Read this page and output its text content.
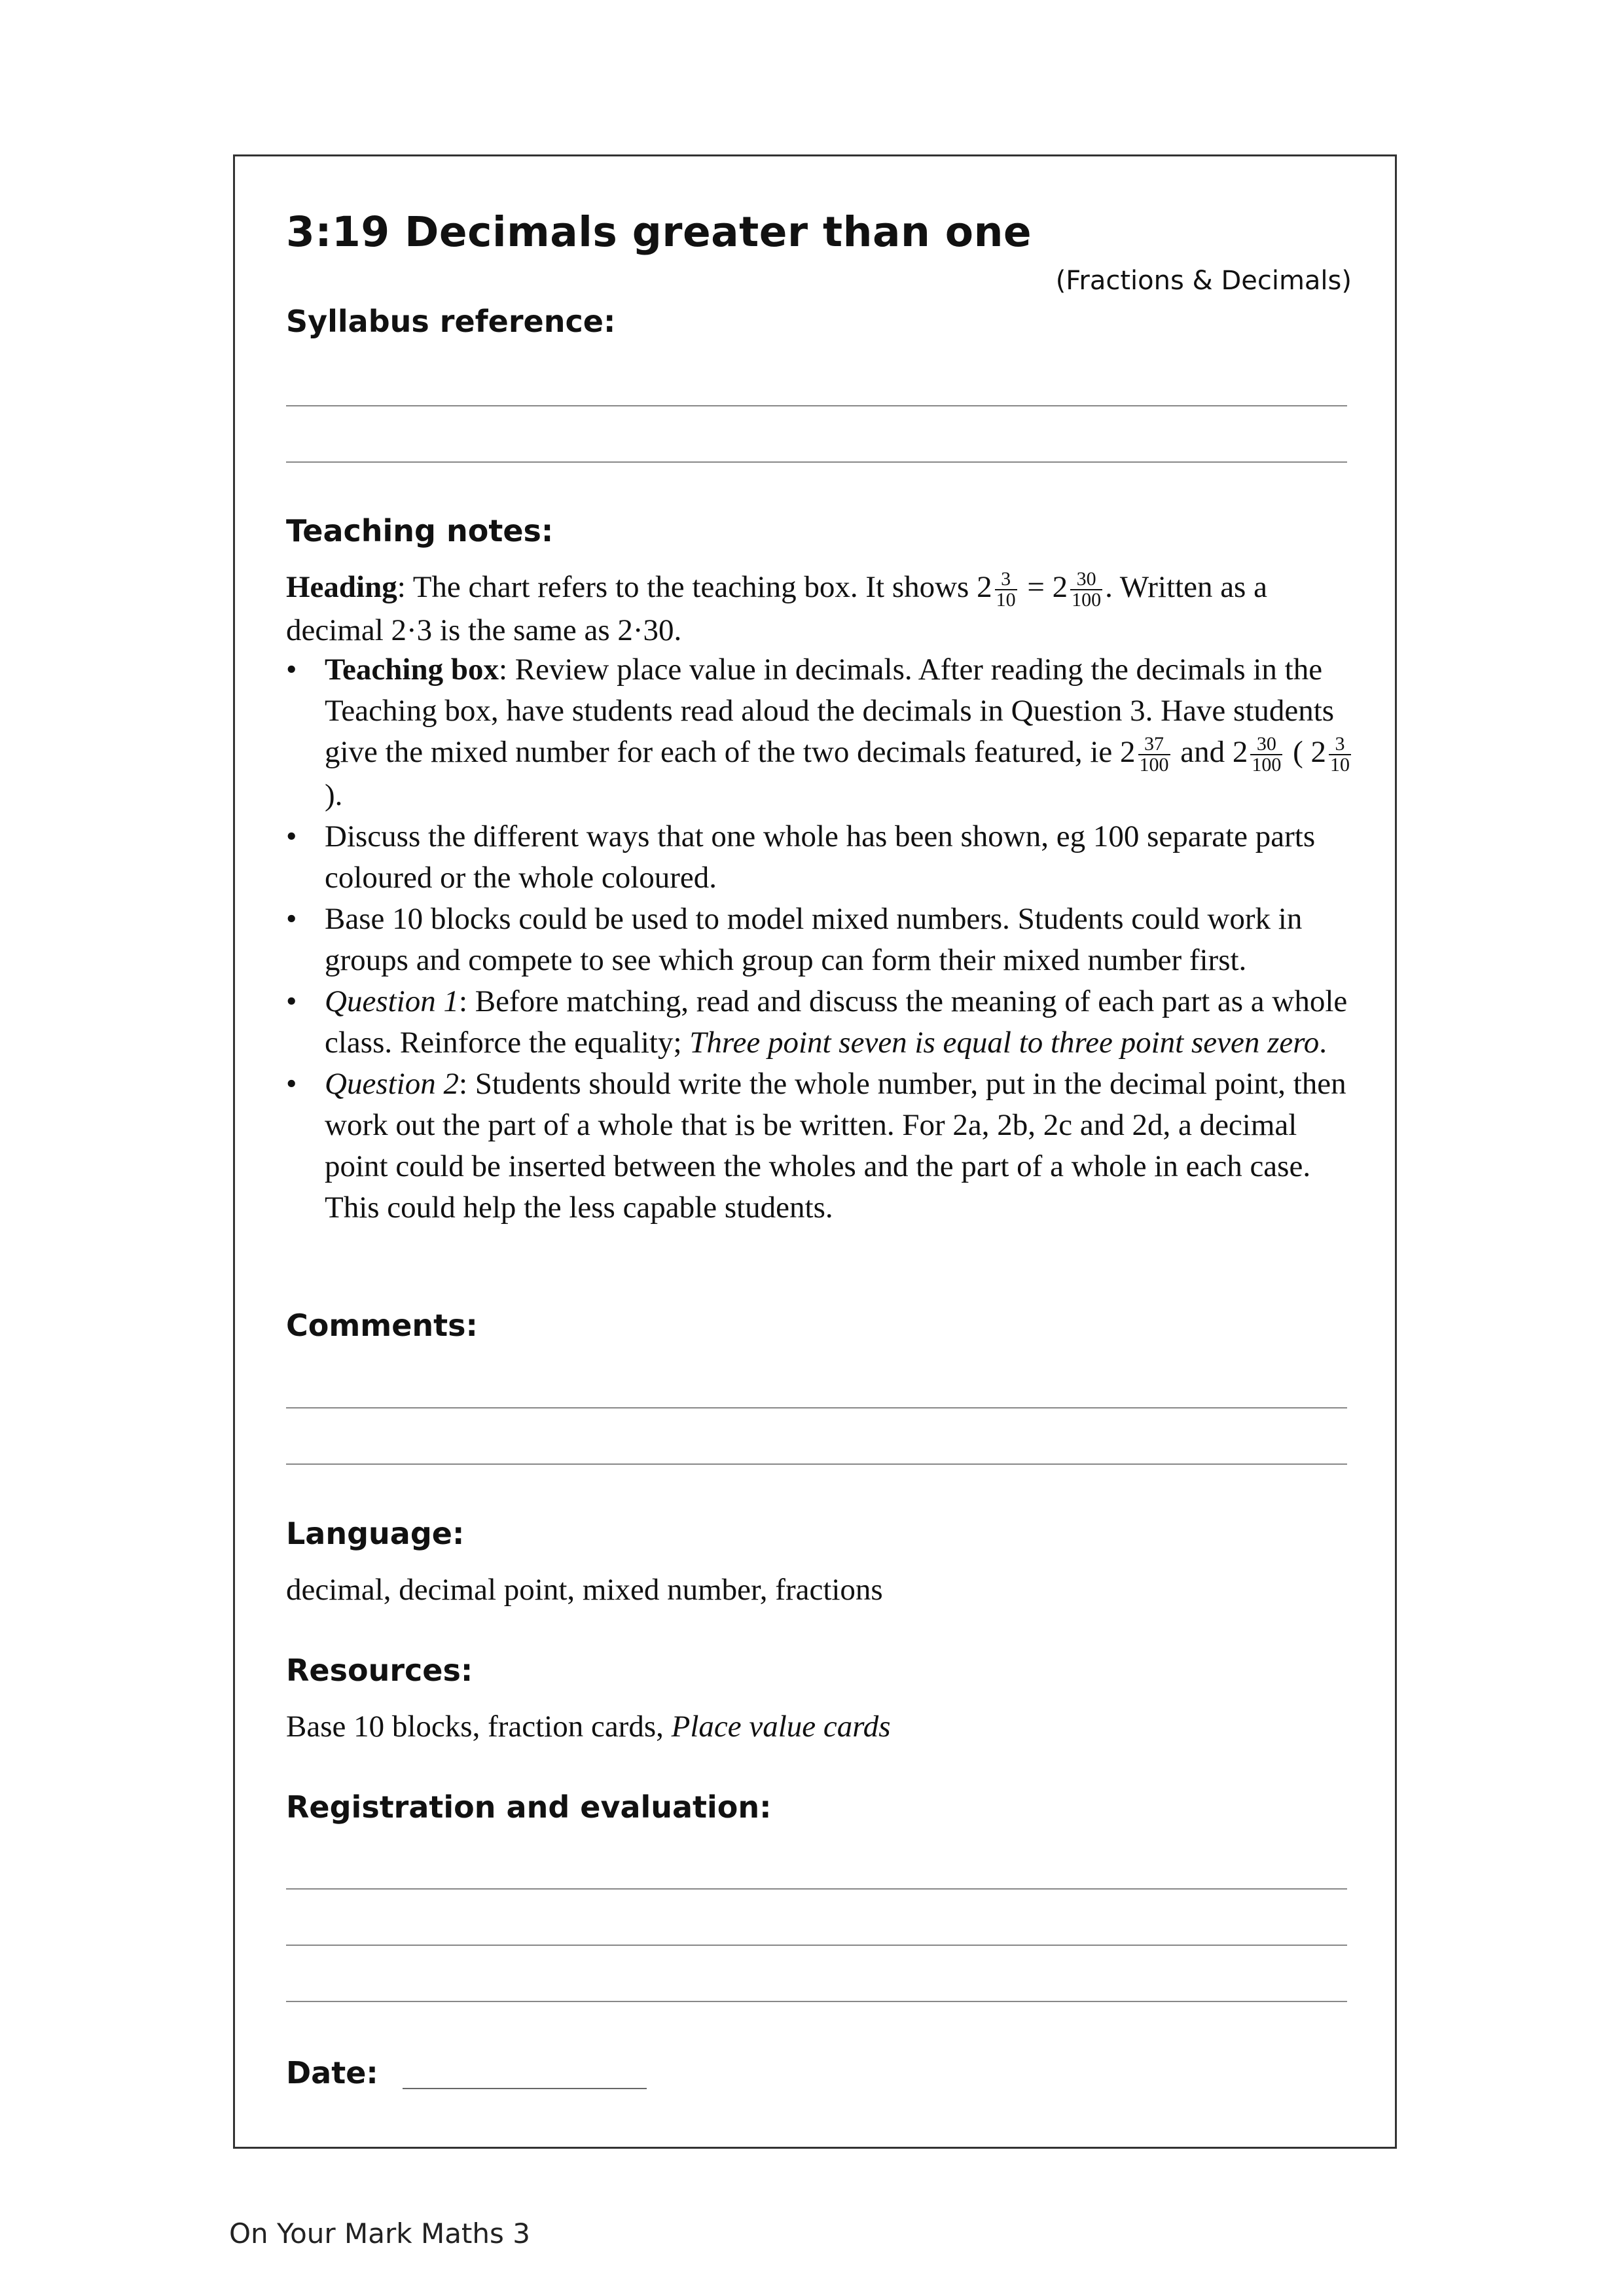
3:19 Decimals greater than one
(Fractions & Decimals)
Syllabus reference:
Teaching notes:
Heading: The chart refers to the teaching box. It shows $2 \frac{3}{10} = 2 \frac{30}{100}$ . Written as a decimal 2·3 is the same as 2·30.
• Teaching box: Review place value in decimals. After reading the decimals in the Teaching box, have students read aloud the decimals in Question 3. Have students give the mixed number for each of the two decimals featured, ie $2 \frac{37}{100}$ and $2 \frac{30}{100}$ ( $2 \frac{3}{10}$
).
• Discuss the different ways that one whole has been shown, eg 100 separate parts coloured or the whole coloured.
• Base 10 blocks could be used to model mixed numbers. Students could work in groups and compete to see which group can form their mixed number first.
• Question 1: Before matching, read and discuss the meaning of each part as a whole class. Reinforce the equality; Three point seven is equal to three point seven zero.
• Question 2: Students should write the whole number, put in the decimal point, then work out the part of a whole that is be written. For 2a, 2b, 2c and 2d, a decimal point could be inserted between the wholes and the part of a whole in each case. This could help the less capable students.
Comments:
Language:
decimal, decimal point, mixed number, fractions
Resources:
Base 10 blocks, fraction cards, Place value cards
Registration and evaluation:
Date:
On Your Mark Maths 3
